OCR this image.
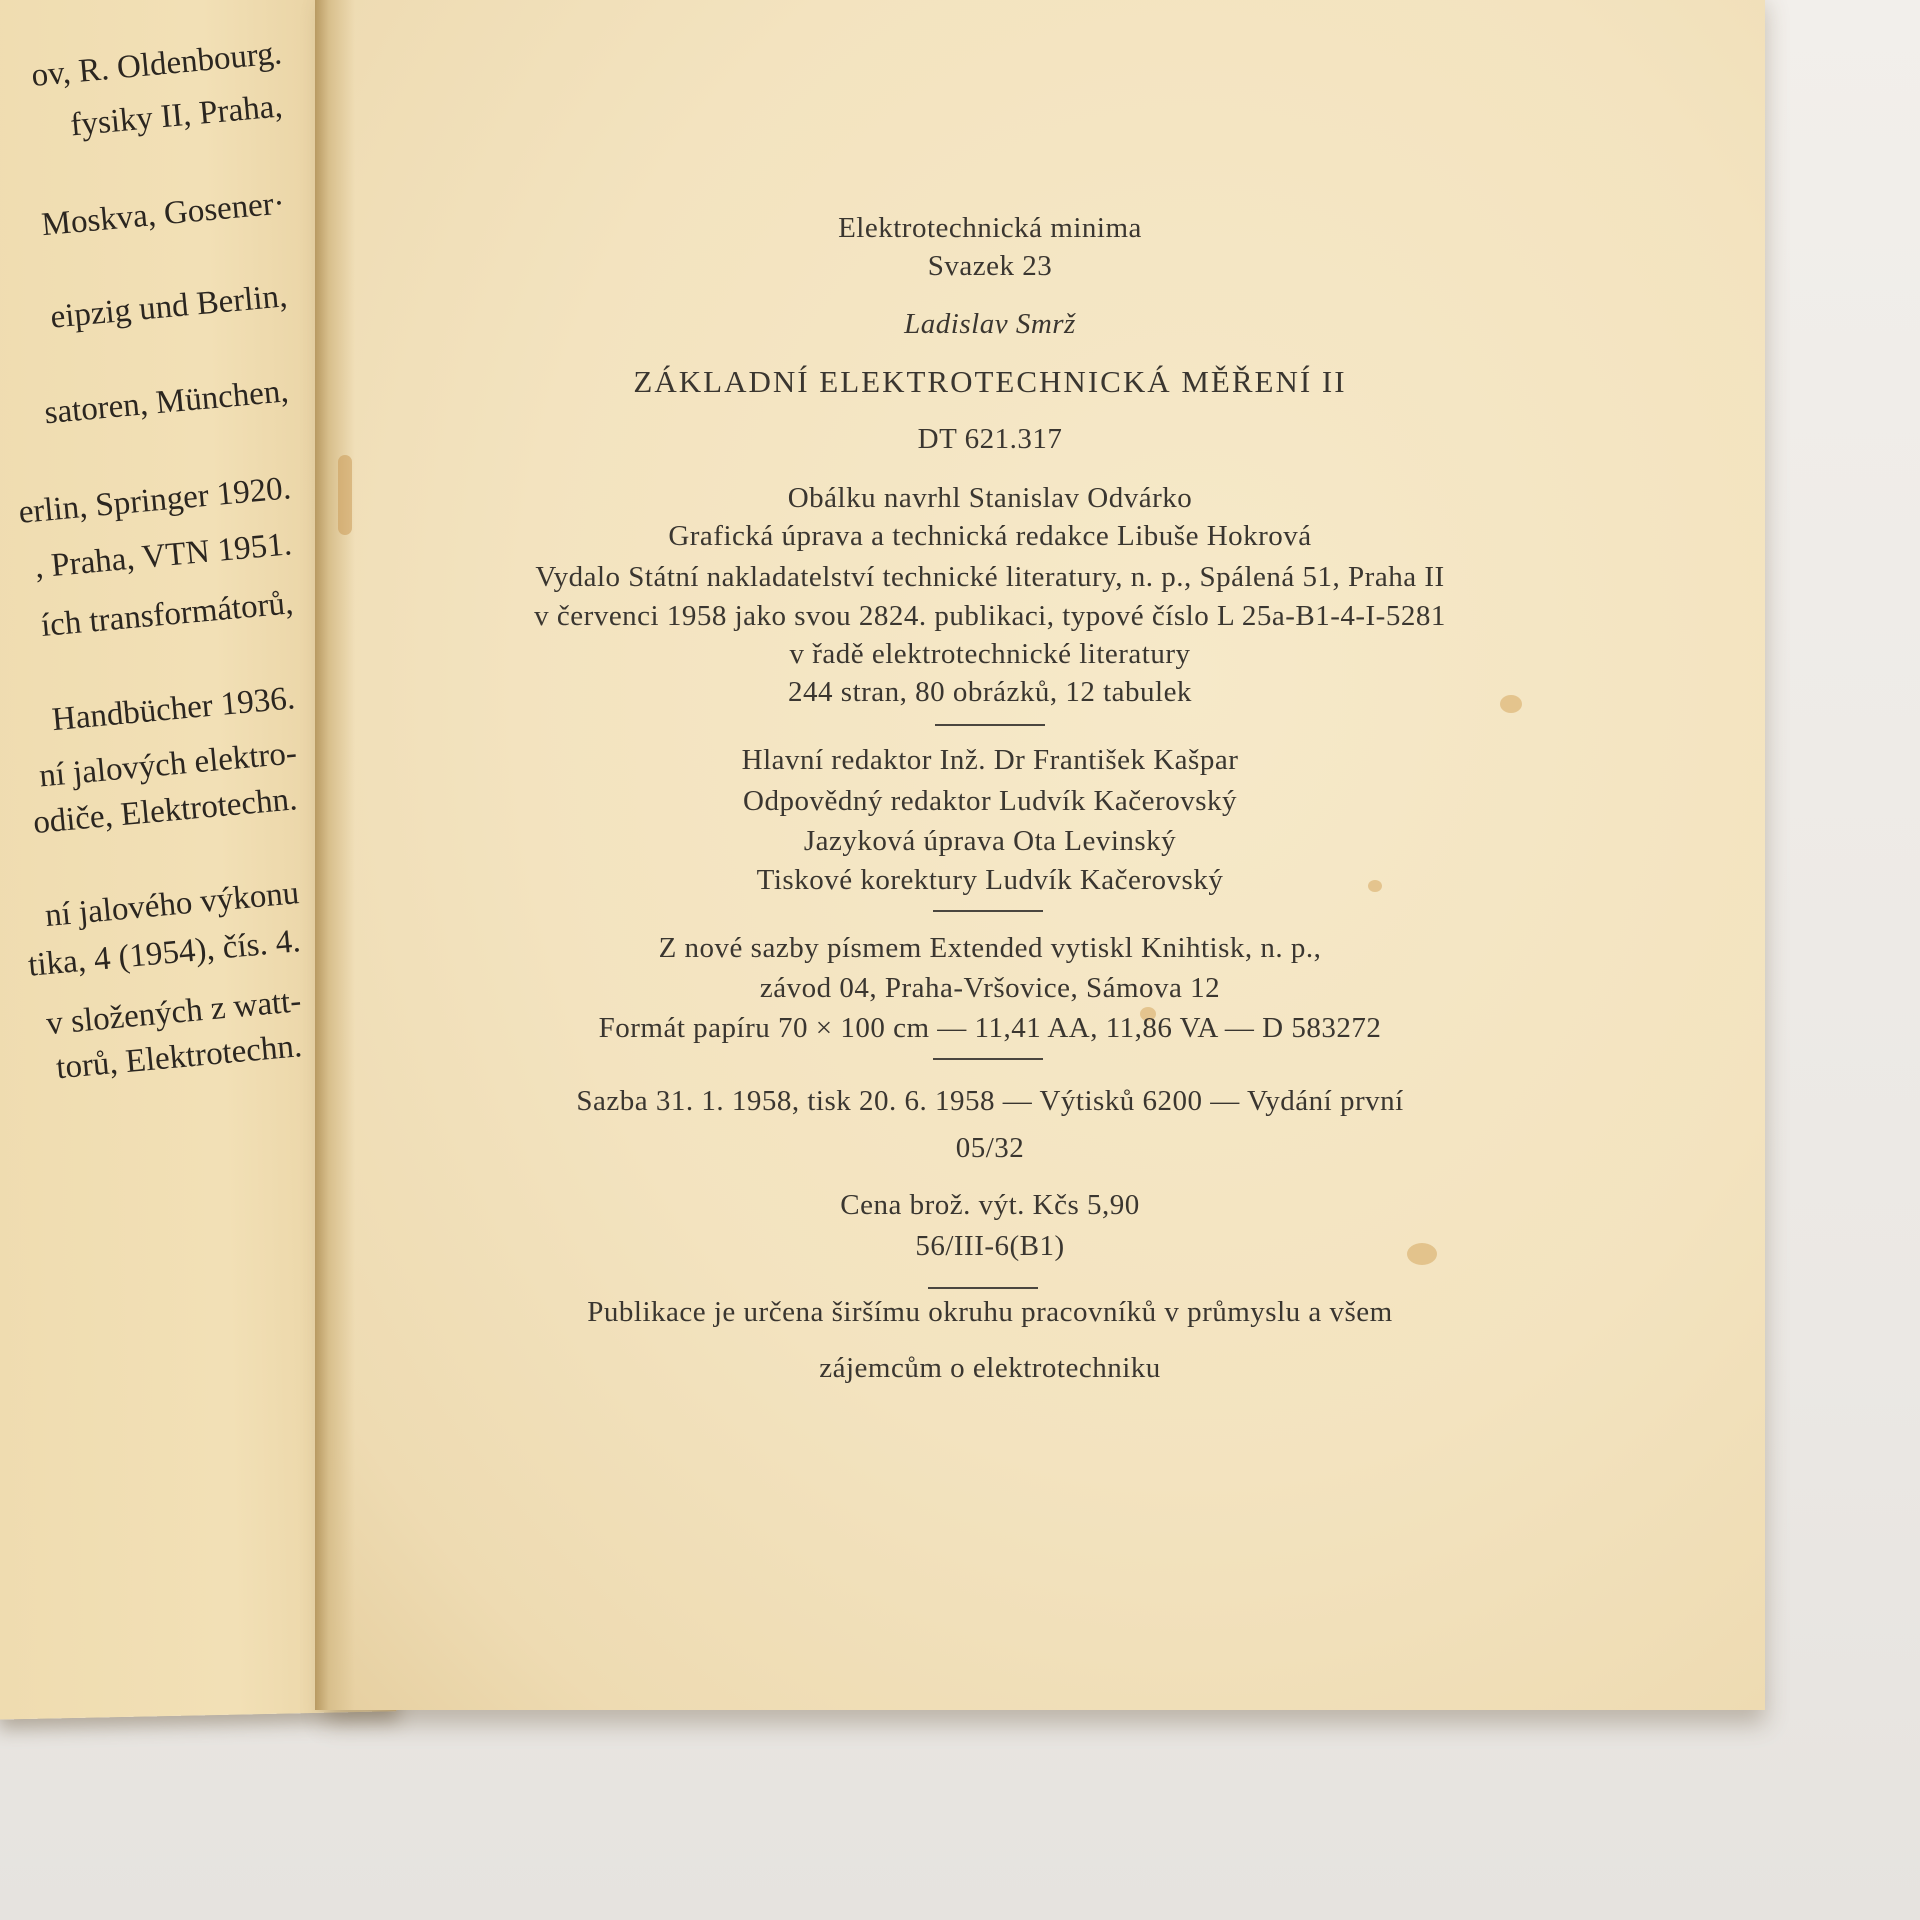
ov, R. Oldenbourg.
fysiky II, Praha,
Moskva, Gosener·
eipzig und Berlin,
satoren, München,
erlin, Springer 1920.
, Praha, VTN 1951.
ích transformátorů,
Handbücher 1936.
ní jalových elektro-
odiče, Elektrotechn.
ní jalového výkonu
tika, 4 (1954), čís. 4.
v složených z watt-
torů, Elektrotechn.
Elektrotechnická minima
Svazek 23
Ladislav Smrž
ZÁKLADNÍ ELEKTROTECHNICKÁ MĚŘENÍ II
DT 621.317
Obálku navrhl Stanislav Odvárko
Grafická úprava a technická redakce Libuše Hokrová
Vydalo Státní nakladatelství technické literatury, n. p., Spálená 51, Praha II
v červenci 1958 jako svou 2824. publikaci, typové číslo L 25a-B1-4-I-5281
v řadě elektrotechnické literatury
244 stran, 80 obrázků, 12 tabulek
Hlavní redaktor Inž. Dr František Kašpar
Odpovědný redaktor Ludvík Kačerovský
Jazyková úprava Ota Levinský
Tiskové korektury Ludvík Kačerovský
Z nové sazby písmem Extended vytiskl Knihtisk, n. p.,
závod 04, Praha-Vršovice, Sámova 12
Formát papíru 70 × 100 cm — 11,41 AA, 11,86 VA — D 583272
Sazba 31. 1. 1958, tisk 20. 6. 1958 — Výtisků 6200 — Vydání první
05/32
Cena brož. výt. Kčs 5,90
56/III-6(B1)
Publikace je určena širšímu okruhu pracovníků v průmyslu a všem
zájemcům o elektrotechniku
